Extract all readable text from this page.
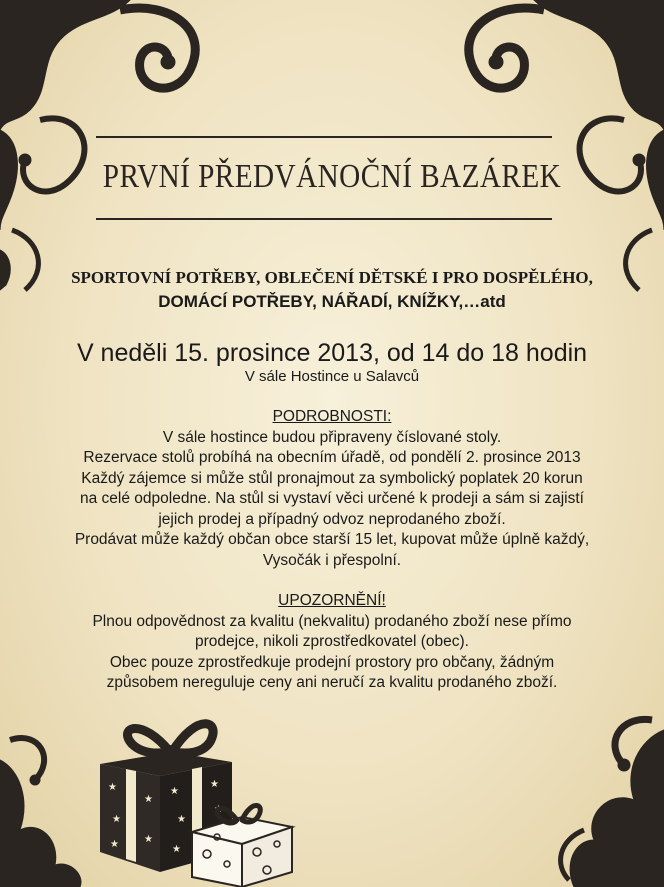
PRVNÍ PŘEDVÁNOČNÍ BAZÁREK
SPORTOVNÍ POTŘEBY, OBLEČENÍ DĚTSKÉ I PRO DOSPĚLÉHO,
DOMÁCÍ POTŘEBY, NÁŘADÍ, KNÍŽKY,…atd
V neděli 15. prosince 2013, od 14 do 18 hodin
V sále Hostince u Salavců
PODROBNOSTI:
V sále hostince budou připraveny číslované stoly.
Rezervace stolů probíhá na obecním úřadě, od pondělí 2. prosince 2013
Každý zájemce si může stůl pronajmout za symbolický poplatek 20 korun
na celé odpoledne. Na stůl si vystaví věci určené k prodeji a sám si zajistí
jejich prodej a případný odvoz neprodaného zboží.
Prodávat může každý občan obce starší 15 let, kupovat může úplně každý,
Vysočák i přespolní.
UPOZORNĚNÍ!
Plnou odpovědnost za kvalitu (nekvalitu) prodaného zboží nese přímo
prodejce, nikoli zprostředkovatel (obec).
Obec pouze zprostředkuje prodejní prostory pro občany, žádným
způsobem nereguluje ceny ani neručí za kvalitu prodaného zboží.
★
★
★
★
★
★
★
★
★
★
